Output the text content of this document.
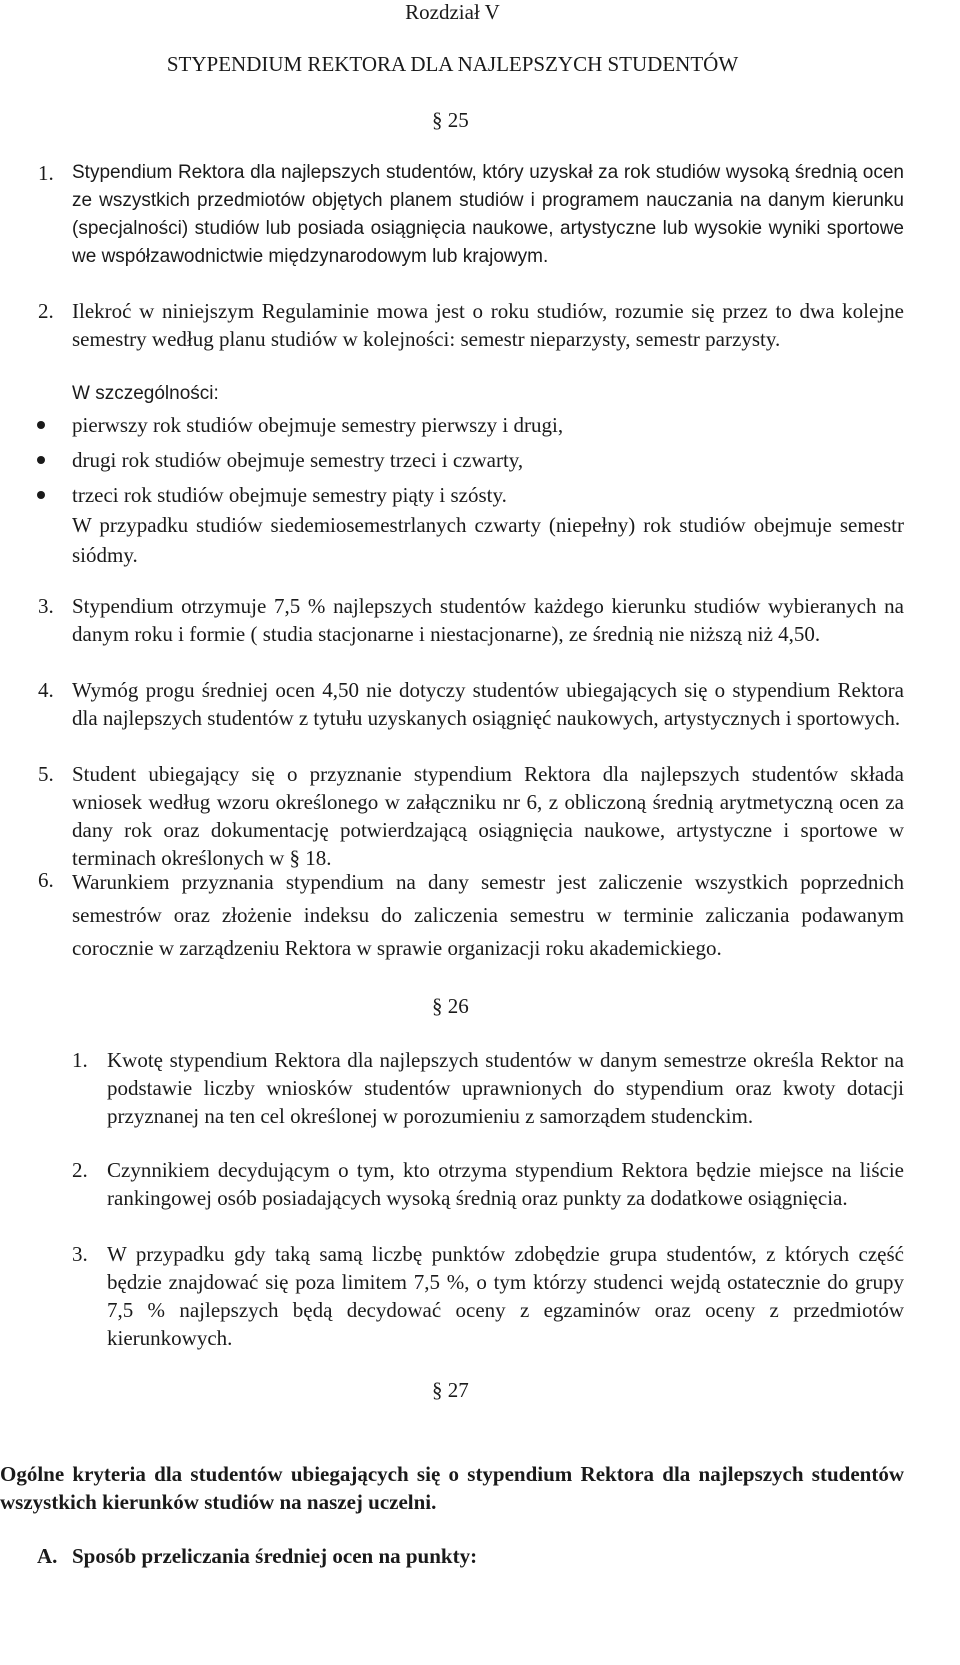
Rozdział V
STYPENDIUM REKTORA DLA NAJLEPSZYCH STUDENTÓW
§ 25
1. Stypendium Rektora dla najlepszych studentów, który uzyskał za rok studiów wysoką średnią ocen ze wszystkich przedmiotów objętych planem studiów i programem nauczania na danym kierunku (specjalności) studiów lub posiada osiągnięcia naukowe, artystyczne lub wysokie wyniki sportowe we współzawodnictwie międzynarodowym lub krajowym.
2. Ilekroć w niniejszym Regulaminie mowa jest o roku studiów, rozumie się przez to dwa kolejne semestry według planu studiów w kolejności: semestr nieparzysty, semestr parzysty.
W szczególności:
pierwszy rok studiów obejmuje semestry pierwszy i drugi,
drugi rok studiów obejmuje semestry trzeci i czwarty,
trzeci rok studiów obejmuje semestry piąty i szósty.
W przypadku studiów siedemiosemestrlanych czwarty (niepełny) rok studiów obejmuje semestr siódmy.
3. Stypendium otrzymuje 7,5 % najlepszych studentów każdego kierunku studiów wybieranych na danym roku i formie ( studia stacjonarne i niestacjonarne), ze średnią nie niższą niż 4,50.
4. Wymóg progu średniej ocen 4,50 nie dotyczy studentów ubiegających się o stypendium Rektora dla najlepszych studentów z tytułu uzyskanych osiągnięć naukowych, artystycznych i sportowych.
5. Student ubiegający się o przyznanie stypendium Rektora dla najlepszych studentów składa wniosek według wzoru określonego w załączniku nr 6, z obliczoną średnią arytmetyczną ocen za dany rok oraz dokumentację potwierdzającą osiągnięcia naukowe, artystyczne i sportowe w terminach określonych w § 18.
6. Warunkiem przyznania stypendium na dany semestr jest zaliczenie wszystkich poprzednich semestrów oraz złożenie indeksu do zaliczenia semestru w terminie zaliczania podawanym corocznie w zarządzeniu Rektora w sprawie organizacji roku akademickiego.
§ 26
1. Kwotę stypendium Rektora dla najlepszych studentów w danym semestrze określa Rektor na podstawie liczby wniosków studentów uprawnionych do stypendium oraz kwoty dotacji przyznanej na ten cel określonej w porozumieniu z samorządem studenckim.
2. Czynnikiem decydującym o tym, kto otrzyma stypendium Rektora będzie miejsce na liście rankingowej osób posiadających wysoką średnią oraz punkty za dodatkowe osiągnięcia.
3. W przypadku gdy taką samą liczbę punktów zdobędzie grupa studentów, z których część będzie znajdować się poza limitem 7,5 %, o tym którzy studenci wejdą ostatecznie do grupy 7,5 % najlepszych będą decydować oceny z egzaminów oraz oceny z przedmiotów kierunkowych.
§ 27
Ogólne kryteria dla studentów ubiegających się o stypendium Rektora dla najlepszych studentów wszystkich kierunków studiów na naszej uczelni.
A. Sposób przeliczania średniej ocen na punkty:
